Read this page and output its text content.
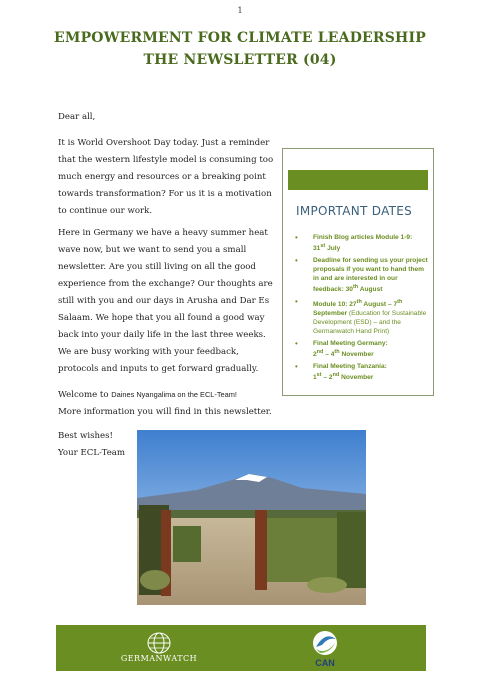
1
EMPOWERMENT FOR CLIMATE LEADERSHIP
THE NEWSLETTER (04)
Dear all,
It is World Overshoot Day today. Just a reminder that the western lifestyle model is consuming too much energy and resources or a breaking point towards transformation? For us it is a motivation to continue our work.
Here in Germany we have a heavy summer heat wave now, but we want to send you a small newsletter. Are you still living on all the good experience from the exchange? Our thoughts are still with you and our days in Arusha and Dar Es Salaam. We hope that you all found a good way back into your daily life in the last three weeks. We are busy working with your feedback, protocols and inputs to get forward gradually.
Welcome to Daines Nyangalima on the ECL-Team!
More information you will find in this newsletter.
Best wishes!
Your ECL-Team
IMPORTANT DATES
• Finish Blog articles Module 1-9:
31st July
• Deadline for sending us your project proposals if you want to hand them in and are interested in our feedback: 30th August
• Module 10: 27th August – 7th September (Education for Sustainable Development (ESD) – and the Germanwatch Hand Print)
• Final Meeting Germany:
2nd – 4th November
• Final Meeting Tanzania:
1st – 2nd November
GERMANWATCH	CAN
